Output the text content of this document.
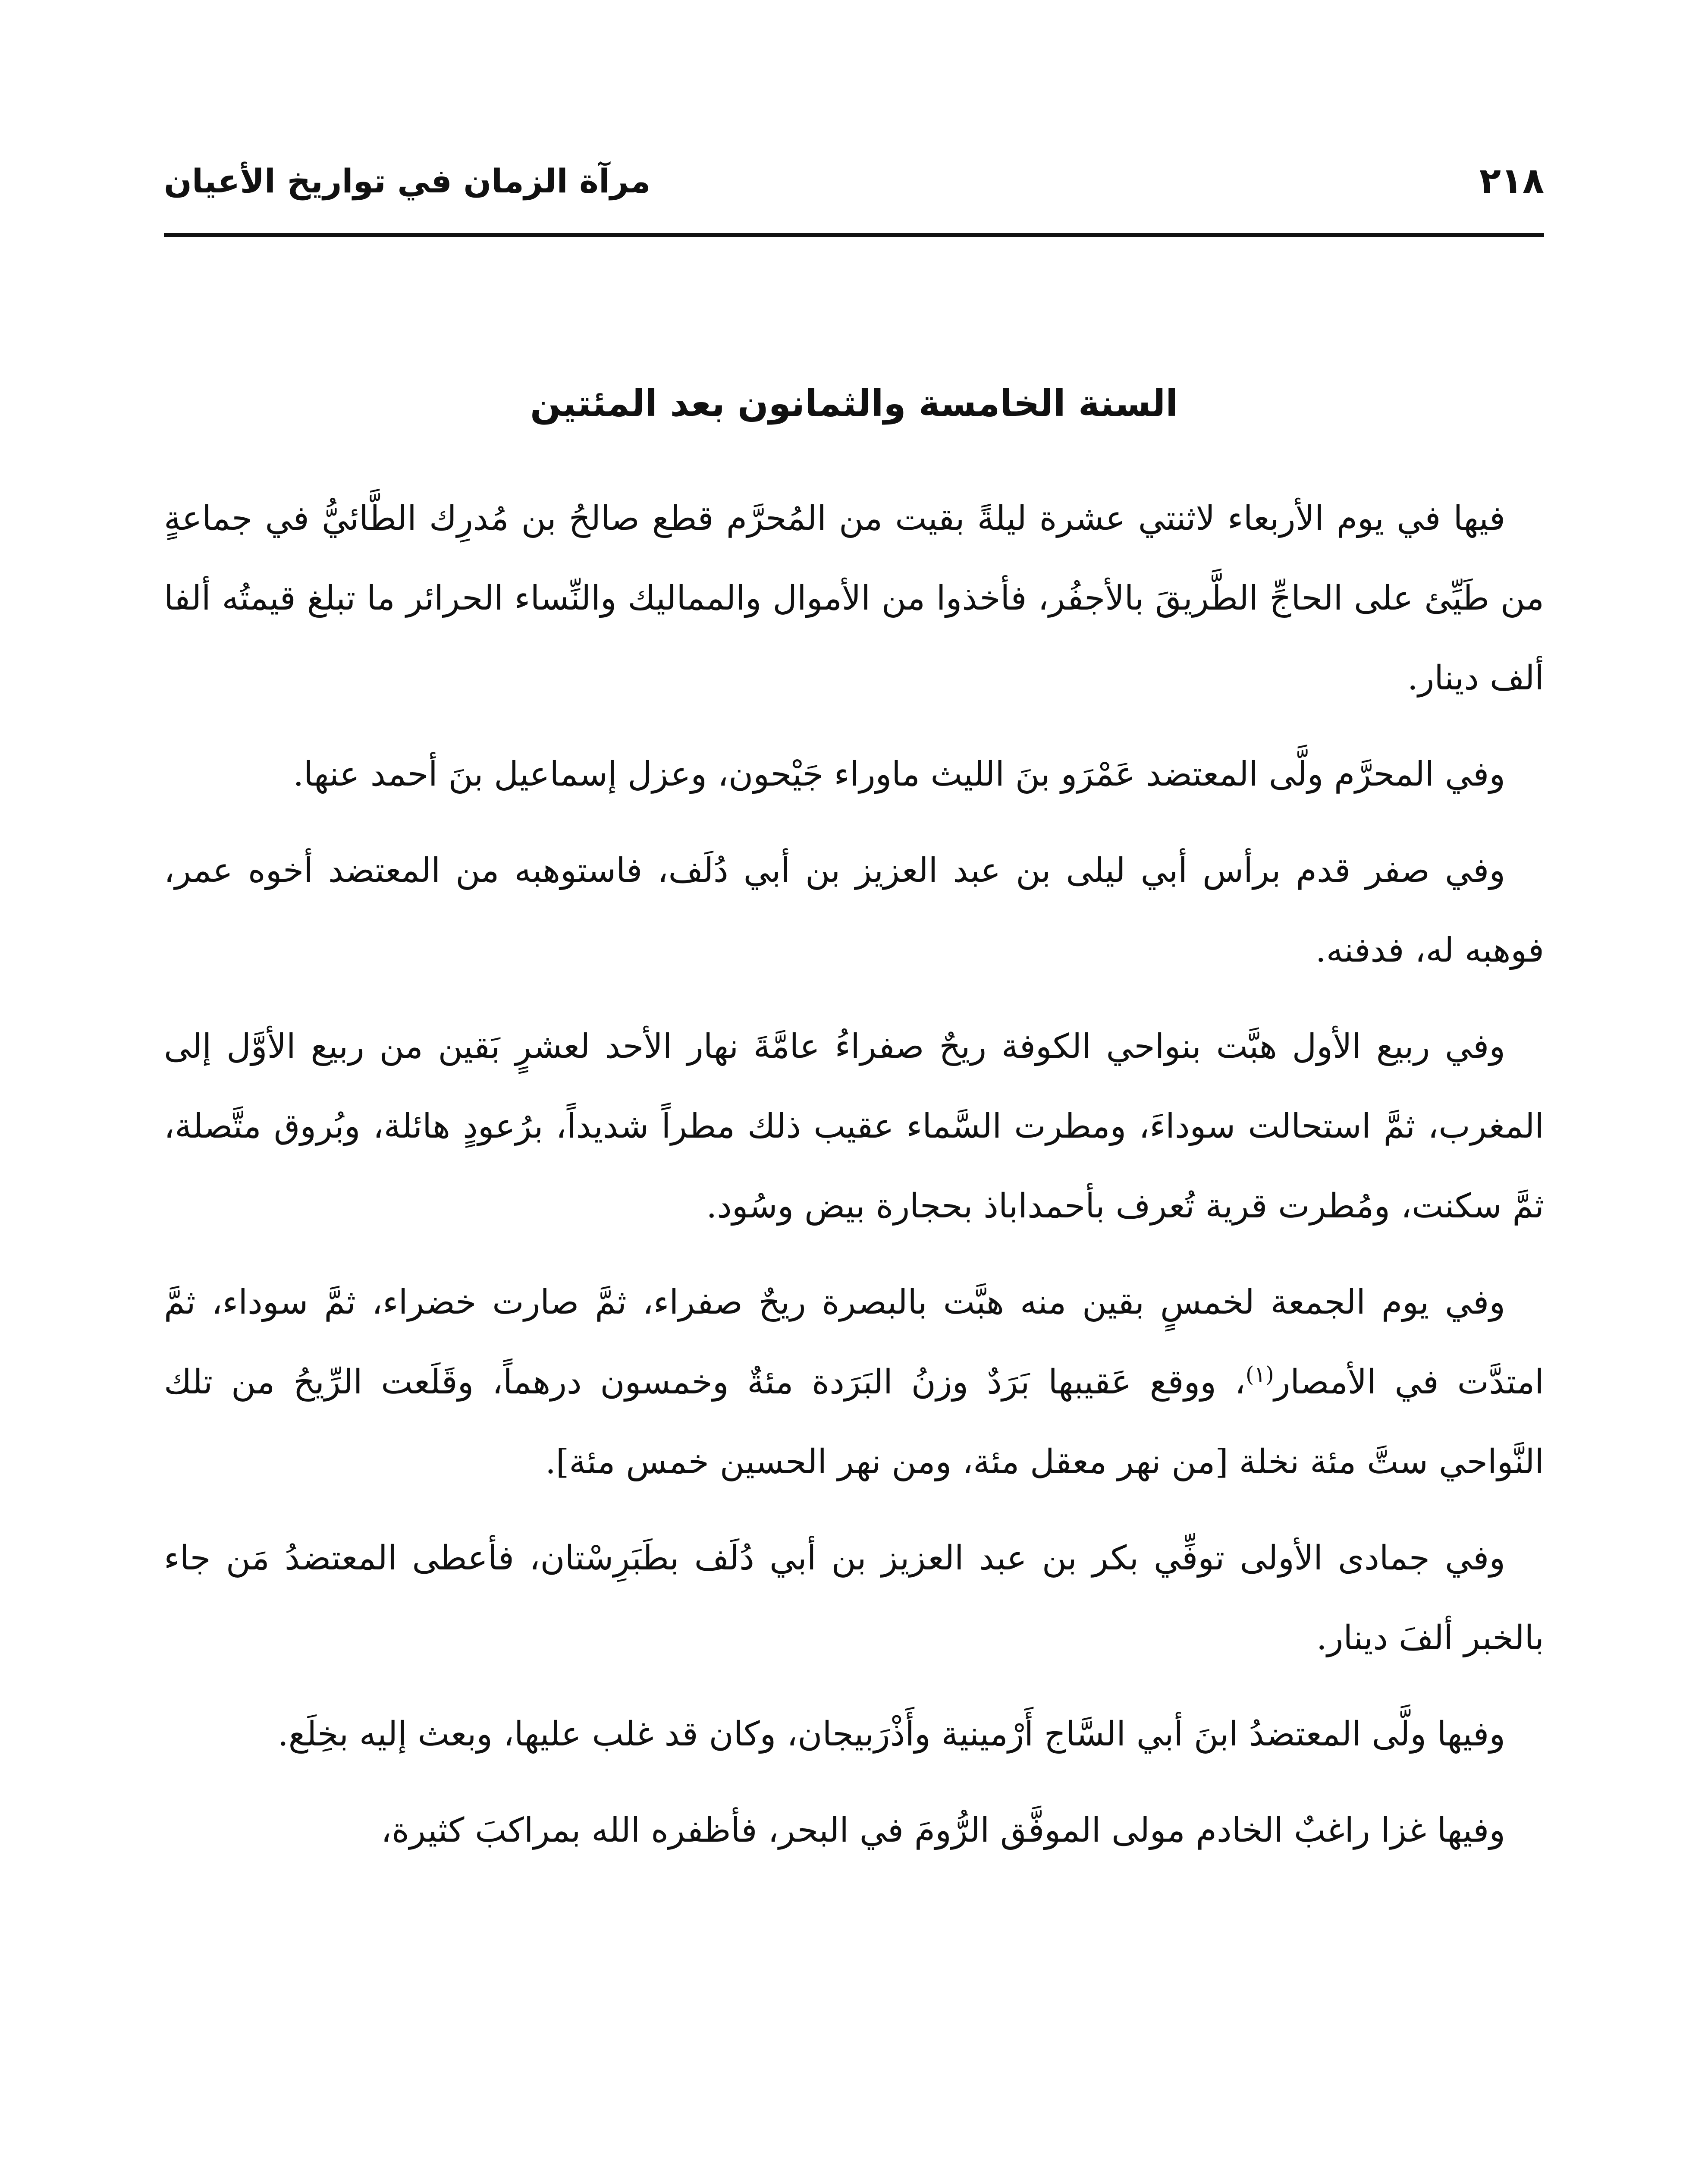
٢١٨
مرآة الزمان في تواريخ الأعيان
السنة الخامسة والثمانون بعد المئتين

فيها في يوم الأربعاء لاثنتي عشرة ليلةً بقيت من المُحرَّم قطع صالحُ بن مُدرِك الطَّائيُّ في جماعةٍ من طَيِّئ على الحاجِّ الطَّريقَ بالأجفُر، فأخذوا من الأموال والمماليك والنِّساء الحرائر ما تبلغ قيمتُه ألفا ألف دينار.

وفي المحرَّم ولَّى المعتضد عَمْرَو بنَ الليث ماوراء جَيْحون، وعزل إسماعيل بنَ أحمد عنها.

وفي صفر قدم برأس أبي ليلى بن عبد العزيز بن أبي دُلَف، فاستوهبه من المعتضد أخوه عمر، فوهبه له، فدفنه.

وفي ربيع الأول هبَّت بنواحي الكوفة ريحٌ صفراءُ عامَّةَ نهار الأحد لعشرٍ بَقين من ربيع الأوَّل إلى المغرب، ثمَّ استحالت سوداءَ، ومطرت السَّماء عقيب ذلك مطراً شديداً، برُعودٍ هائلة، وبُروق متَّصلة، ثمَّ سكنت، ومُطرت قرية تُعرف بأحمداباذ بحجارة بيض وسُود.

وفي يوم الجمعة لخمسٍ بقين منه هبَّت بالبصرة ريحٌ صفراء، ثمَّ صارت خضراء، ثمَّ سوداء، ثمَّ امتدَّت في الأمصار$^{(١)}$، ووقع عَقيبها بَرَدٌ وزنُ البَرَدة مئةٌ وخمسون درهماً، وقَلَعت الرِّيحُ من تلك النَّواحي ستَّ مئة نخلة [من نهر معقل مئة، ومن نهر الحسين خمس مئة].

وفي جمادى الأولى توفِّي بكر بن عبد العزيز بن أبي دُلَف بطَبَرِسْتان، فأعطى المعتضدُ مَن جاء بالخبر ألفَ دينار.

وفيها ولَّى المعتضدُ ابنَ أبي السَّاج أَرْمينية وأَذْرَبيجان، وكان قد غلب عليها، وبعث إليه بخِلَع.

وفيها غزا راغبٌ الخادم مولى الموفَّق الرُّومَ في البحر، فأظفره الله بمراكبَ كثيرة،
